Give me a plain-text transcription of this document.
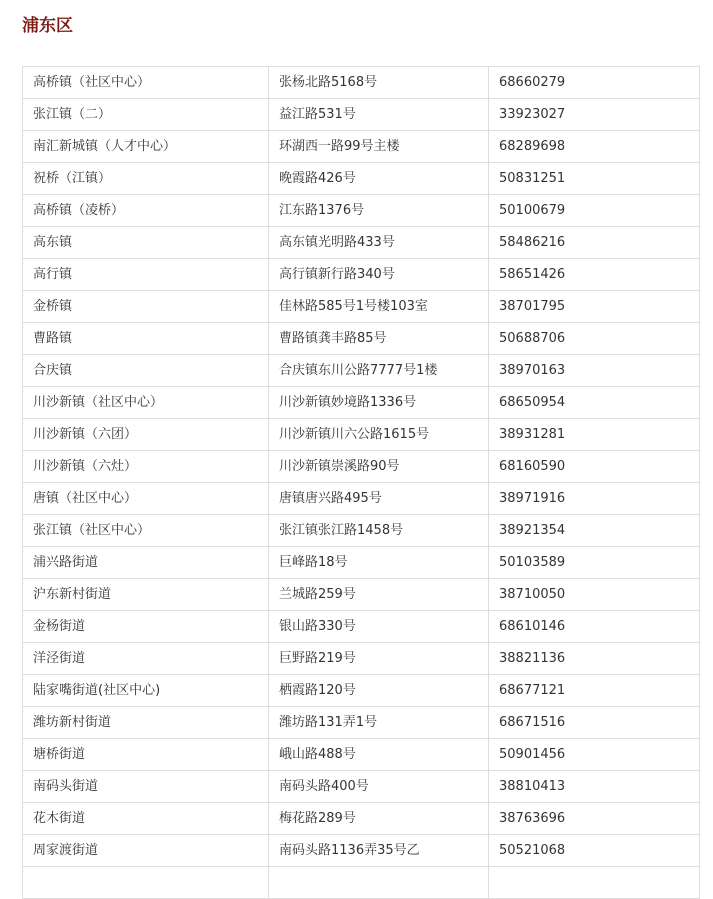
浦东区
高桥镇（社区中心）	张杨北路5168号	68660279
张江镇（二）	益江路531号	33923027
南汇新城镇（人才中心）	环湖西一路99号主楼	68289698
祝桥（江镇）	晚霞路426号	50831251
高桥镇（凌桥）	江东路1376号	50100679
高东镇	高东镇光明路433号	58486216
高行镇	高行镇新行路340号	58651426
金桥镇	佳林路585号1号楼103室	38701795
曹路镇	曹路镇龚丰路85号	50688706
合庆镇	合庆镇东川公路7777号1楼	38970163
川沙新镇（社区中心）	川沙新镇妙境路1336号	68650954
川沙新镇（六团）	川沙新镇川六公路1615号	38931281
川沙新镇（六灶）	川沙新镇崇溪路90号	68160590
唐镇（社区中心）	唐镇唐兴路495号	38971916
张江镇（社区中心）	张江镇张江路1458号	38921354
浦兴路街道	巨峰路18号	50103589
沪东新村街道	兰城路259号	38710050
金杨街道	银山路330号	68610146
洋泾街道	巨野路219号	38821136
陆家嘴街道(社区中心)	栖霞路120号	68677121
潍坊新村街道	潍坊路131弄1号	68671516
塘桥街道	峨山路488号	50901456
南码头街道	南码头路400号	38810413
花木街道	梅花路289号	38763696
周家渡街道	南码头路1136弄35号乙	50521068
